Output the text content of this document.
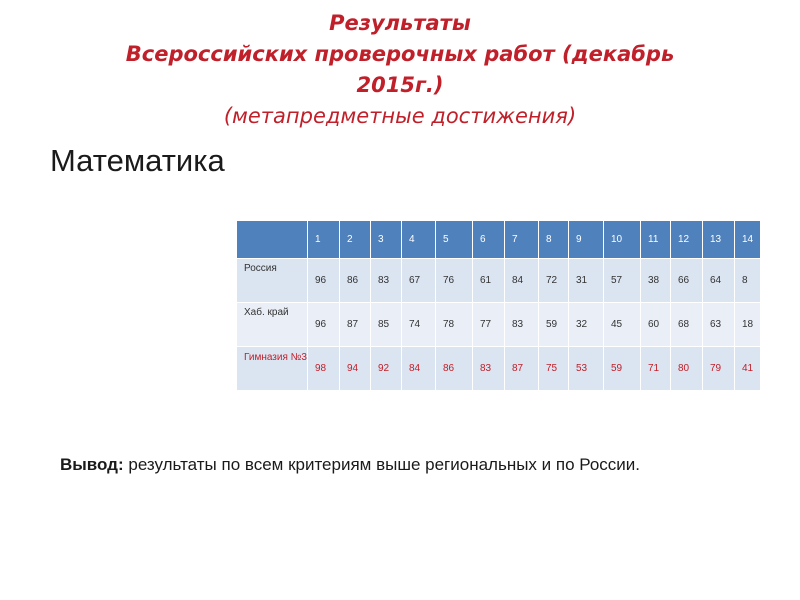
Результаты
Всероссийских проверочных работ (декабрь
2015г.)
(метапредметные достижения)
Математика
	1	2	3	4	5	6	7	8	9	10	11	12	13	14
Россия	96	86	83	67	76	61	84	72	31	57	38	66	64	8
Хаб. край	96	87	85	74	78	77	83	59	32	45	60	68	63	18
Гимназия №3	98	94	92	84	86	83	87	75	53	59	71	80	79	41
Вывод: результаты по всем критериям выше региональных и по России.
